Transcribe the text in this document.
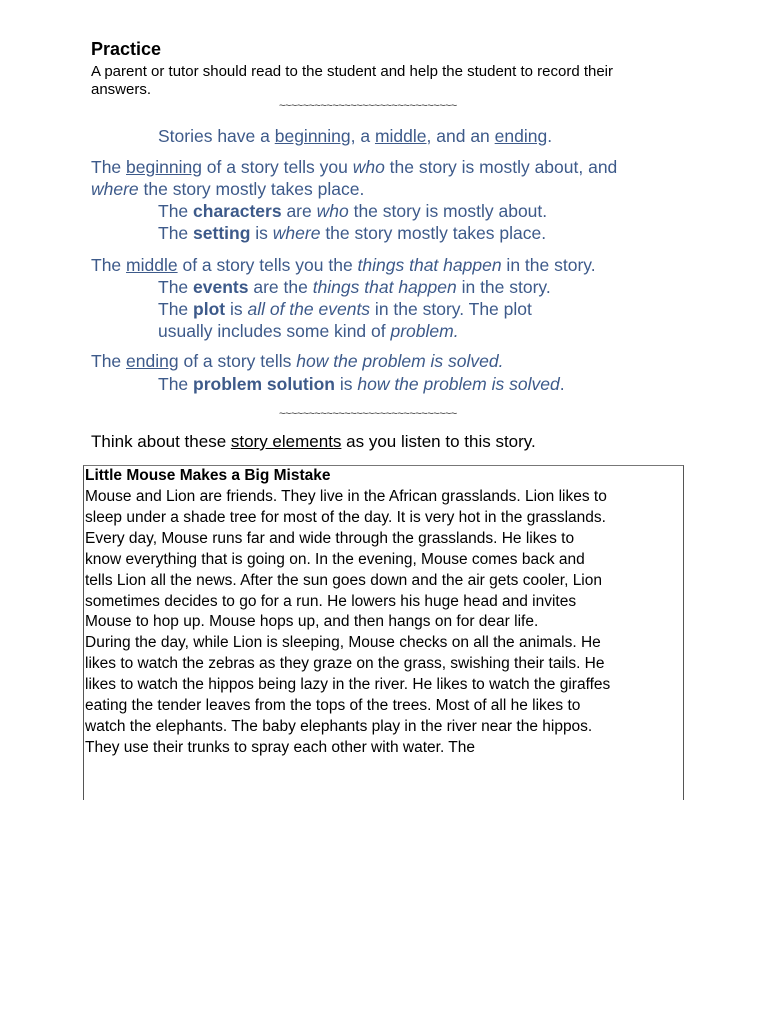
Practice
A parent or tutor should read to the student and help the student to record their
answers.
~~~~~~~~~~~~~~~~~~~~~~~~~~~~~~
Stories have a beginning, a middle, and an ending.
The beginning of a story tells you who the story is mostly about, and
where the story mostly takes place.
The characters are who the story is mostly about.
The setting is where the story mostly takes place.
The middle of a story tells you the things that happen in the story.
The events are the things that happen in the story.
The plot is all of the events in the story. The plot
usually includes some kind of problem.
The ending of a story tells how the problem is solved.
The problem solution is how the problem is solved.
~~~~~~~~~~~~~~~~~~~~~~~~~~~~~~
Think about these story elements as you listen to this story.
Little Mouse Makes a Big Mistake
Mouse and Lion are friends. They live in the African grasslands. Lion likes to
sleep under a shade tree for most of the day. It is very hot in the grasslands.
Every day, Mouse runs far and wide through the grasslands. He likes to
know everything that is going on. In the evening, Mouse comes back and
tells Lion all the news. After the sun goes down and the air gets cooler, Lion
sometimes decides to go for a run. He lowers his huge head and invites
Mouse to hop up. Mouse hops up, and then hangs on for dear life.
During the day, while Lion is sleeping, Mouse checks on all the animals. He
likes to watch the zebras as they graze on the grass, swishing their tails. He
likes to watch the hippos being lazy in the river. He likes to watch the giraffes
eating the tender leaves from the tops of the trees. Most of all he likes to
watch the elephants. The baby elephants play in the river near the hippos.
They use their trunks to spray each other with water. The
